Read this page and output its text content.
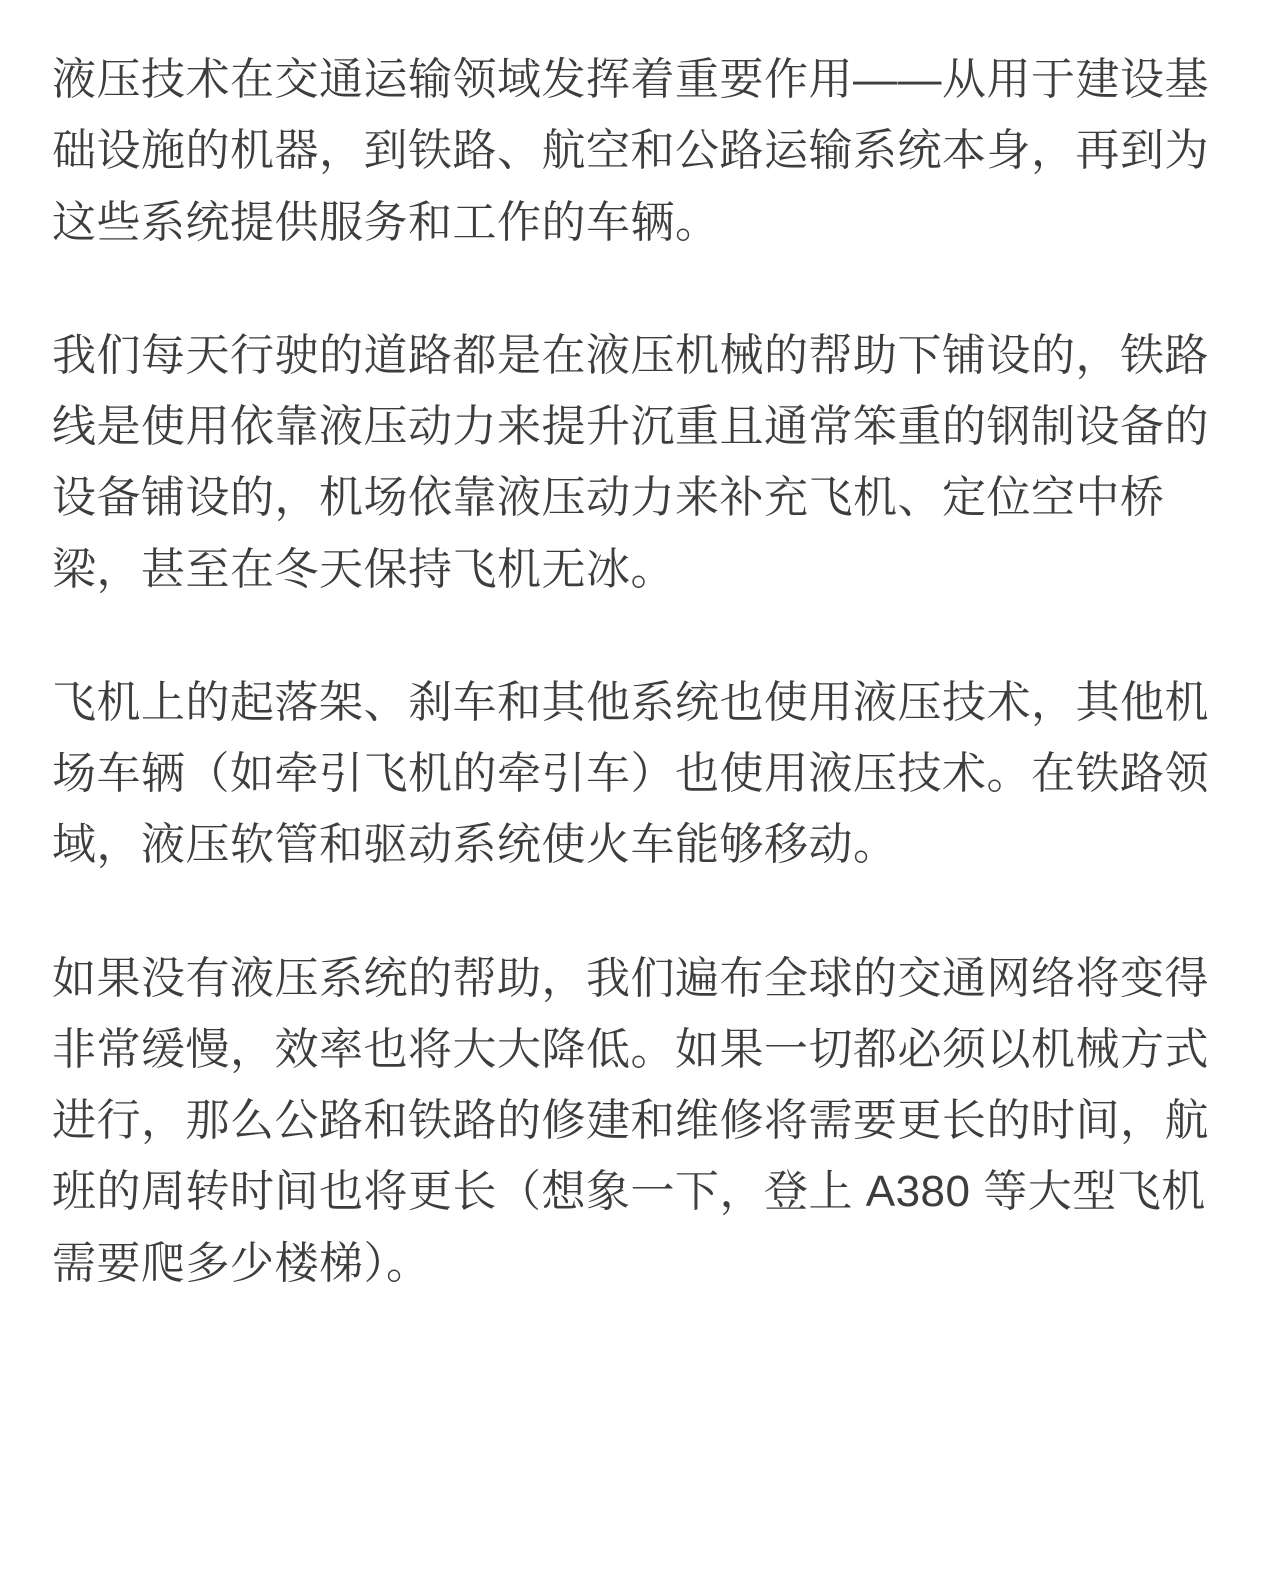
液压技术在交通运输领域发挥着重要作用——从用于建设基础设施的机器，到铁路、航空和公路运输系统本身，再到为这些系统提供服务和工作的车辆。

我们每天行驶的道路都是在液压机械的帮助下铺设的，铁路线是使用依靠液压动力来提升沉重且通常笨重的钢制设备的设备铺设的，机场依靠液压动力来补充飞机、定位空中桥梁，甚至在冬天保持飞机无冰。

飞机上的起落架、刹车和其他系统也使用液压技术，其他机场车辆（如牵引飞机的牵引车）也使用液压技术。在铁路领域，液压软管和驱动系统使火车能够移动。

如果没有液压系统的帮助，我们遍布全球的交通网络将变得非常缓慢，效率也将大大降低。如果一切都必须以机械方式进行，那么公路和铁路的修建和维修将需要更长的时间，航班的周转时间也将更长（想象一下，登上 A380 等大型飞机需要爬多少楼梯）。
